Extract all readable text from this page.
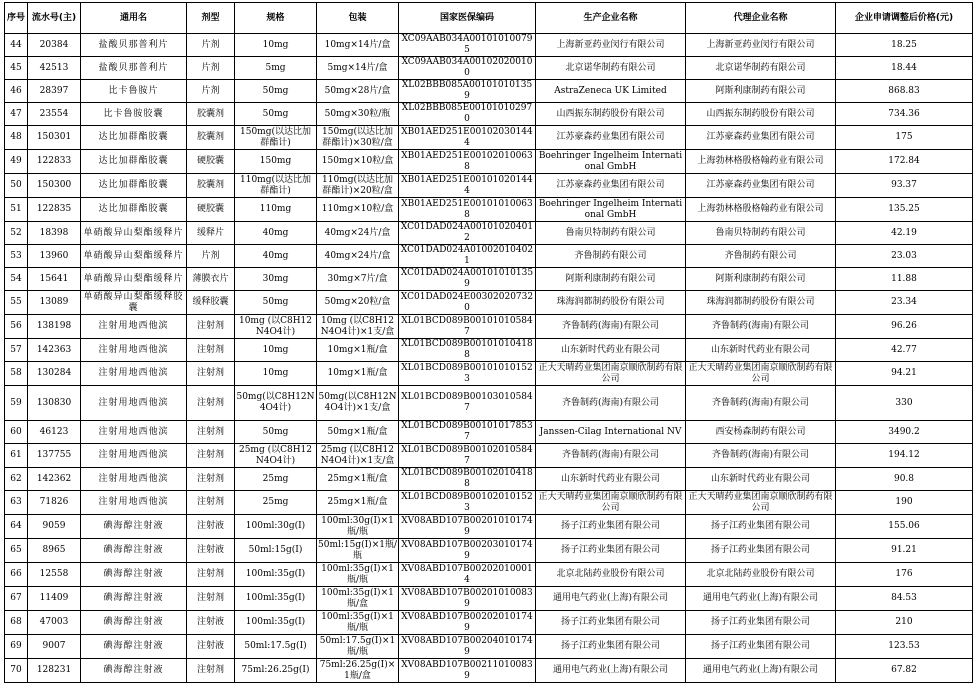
序号	流水号(主)	通用名	剂型	规格	包装	国家医保编码	生产企业名称	代理企业名称	企业申请调整后价格(元)
44	20384	盐酸贝那普利片	片剂	10mg	10mg×14片/盒	XC09AAB034A001010100795	上海新亚药业闵行有限公司	上海新亚药业闵行有限公司	18.25
45	42513	盐酸贝那普利片	片剂	5mg	5mg×14片/盒	XC09AAB034A001020200100	北京诺华制药有限公司	北京诺华制药有限公司	18.44
46	28397	比卡鲁胺片	片剂	50mg	50mg×28片/盒	XL02BBB085A001010101359	AstraZeneca UK Limited	阿斯利康制药有限公司	868.83
47	23554	比卡鲁胺胶囊	胶囊剂	50mg	50mg×30粒/瓶	XL02BBB085E001010102970	山西振东制药股份有限公司	山西振东制药股份有限公司	734.36
48	150301	达比加群酯胶囊	胶囊剂	150mg(以达比加群酯计)	150mg(以达比加群酯计)×30粒/盒	XB01AED251E001020301444	江苏豪森药业集团有限公司	江苏豪森药业集团有限公司	175
49	122833	达比加群酯胶囊	硬胶囊	150mg	150mg×10粒/盒	XB01AED251E001020100638	Boehringer Ingelheim International GmbH	上海勃林格殷格翰药业有限公司	172.84
50	150300	达比加群酯胶囊	胶囊剂	110mg(以达比加群酯计)	110mg(以达比加群酯计)×20粒/盒	XB01AED251E001010201444	江苏豪森药业集团有限公司	江苏豪森药业集团有限公司	93.37
51	122835	达比加群酯胶囊	硬胶囊	110mg	110mg×10粒/盒	XB01AED251E001010100638	Boehringer Ingelheim International GmbH	上海勃林格殷格翰药业有限公司	135.25
52	18398	单硝酸异山梨酯缓释片	缓释片	40mg	40mg×24片/盒	XC01DAD024A001010204012	鲁南贝特制药有限公司	鲁南贝特制药有限公司	42.19
53	13960	单硝酸异山梨酯缓释片	片剂	40mg	40mg×24片/盒	XC01DAD024A010020104021	齐鲁制药有限公司	齐鲁制药有限公司	23.03
54	15641	单硝酸异山梨酯缓释片	薄膜衣片	30mg	30mg×7片/盒	XC01DAD024A001010101359	阿斯利康制药有限公司	阿斯利康制药有限公司	11.88
55	13089	单硝酸异山梨酯缓释胶囊	缓释胶囊	50mg	50mg×20粒/盒	XC01DAD024E003020207320	珠海润都制药股份有限公司	珠海润都制药股份有限公司	23.34
56	138198	注射用地西他滨	注射剂	10mg (以C8H12N4O4计)	10mg (以C8H12N4O4计)×1支/盒	XL01BCD089B001010105847	齐鲁制药(海南)有限公司	齐鲁制药(海南)有限公司	96.26
57	142363	注射用地西他滨	注射剂	10mg	10mg×1瓶/盒	XL01BCD089B001010104188	山东新时代药业有限公司	山东新时代药业有限公司	42.77
58	130284	注射用地西他滨	注射剂	10mg	10mg×1瓶/盒	XL01BCD089B001010101523	正大天晴药业集团南京顺欣制药有限公司	正大天晴药业集团南京顺欣制药有限公司	94.21
59	130830	注射用地西他滨	注射剂	50mg(以C8H12N4O4计)	50mg(以C8H12N4O4计)×1支/盒	XL01BCD089B001030105847	齐鲁制药(海南)有限公司	齐鲁制药(海南)有限公司	330
60	46123	注射用地西他滨	注射剂	50mg	50mg×1瓶/盒	XL01BCD089B001010178537	Janssen-Cilag International NV	西安杨森制药有限公司	3490.2
61	137755	注射用地西他滨	注射剂	25mg (以C8H12N4O4计)	25mg (以C8H12N4O4计)×1支/盒	XL01BCD089B001020105847	齐鲁制药(海南)有限公司	齐鲁制药(海南)有限公司	194.12
62	142362	注射用地西他滨	注射剂	25mg	25mg×1瓶/盒	XL01BCD089B001020104188	山东新时代药业有限公司	山东新时代药业有限公司	90.8
63	71826	注射用地西他滨	注射剂	25mg	25mg×1瓶/盒	XL01BCD089B001020101523	正大天晴药业集团南京顺欣制药有限公司	正大天晴药业集团南京顺欣制药有限公司	190
64	9059	碘海醇注射液	注射液	100ml:30g(Ⅰ)	100ml:30g(Ⅰ)×1瓶/瓶	XV08ABD107B002010101749	扬子江药业集团有限公司	扬子江药业集团有限公司	155.06
65	8965	碘海醇注射液	注射液	50ml:15g(Ⅰ)	50ml:15g(Ⅰ)×1瓶/瓶	XV08ABD107B002030101749	扬子江药业集团有限公司	扬子江药业集团有限公司	91.21
66	12558	碘海醇注射液	注射剂	100ml:35g(Ⅰ)	100ml:35g(Ⅰ)×1瓶/瓶	XV08ABD107B002020100014	北京北陆药业股份有限公司	北京北陆药业股份有限公司	176
67	11409	碘海醇注射液	注射剂	100ml:35g(Ⅰ)	100ml:35g(Ⅰ)×1瓶/盒	XV08ABD107B002010100839	通用电气药业(上海)有限公司	通用电气药业(上海)有限公司	84.53
68	47003	碘海醇注射液	注射液	100ml:35g(Ⅰ)	100ml:35g(Ⅰ)×1瓶/瓶	XV08ABD107B002020101749	扬子江药业集团有限公司	扬子江药业集团有限公司	210
69	9007	碘海醇注射液	注射液	50ml:17.5g(Ⅰ)	50ml:17.5g(Ⅰ)×1瓶/瓶	XV08ABD107B002040101749	扬子江药业集团有限公司	扬子江药业集团有限公司	123.53
70	128231	碘海醇注射液	注射剂	75ml:26.25g(Ⅰ)	75ml:26.25g(Ⅰ)×1瓶/盒	XV08ABD107B002110100839	通用电气药业(上海)有限公司	通用电气药业(上海)有限公司	67.82
